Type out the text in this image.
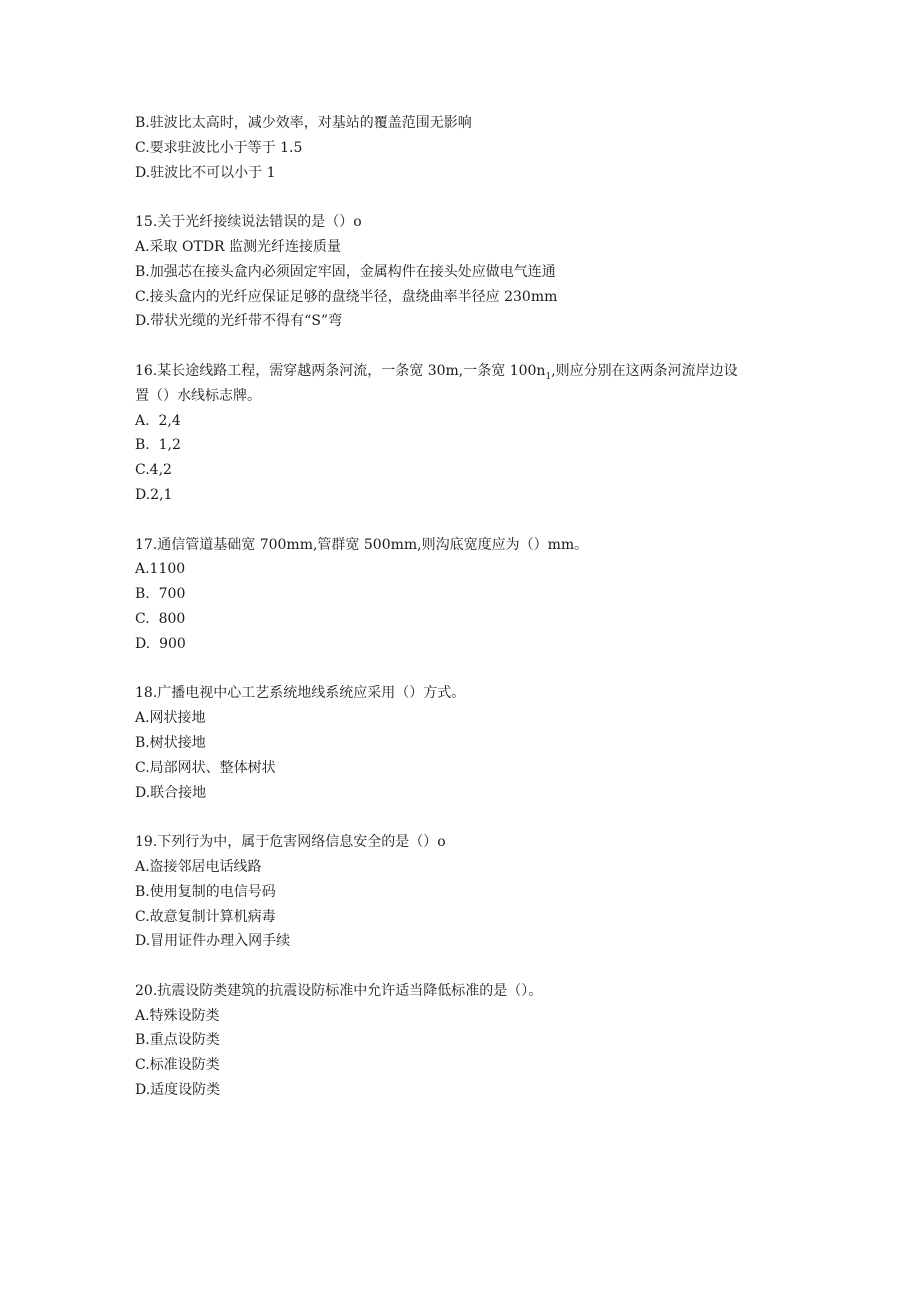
B.驻波比太高时，减少效率，对基站的覆盖范围无影响

C.要求驻波比小于等于 1.5

D.驻波比不可以小于 1

15.关于光纤接续说法错误的是（）o

A.采取 OTDR 监测光纤连接质量

B.加强芯在接头盒内必须固定牢固，金属构件在接头处应做电气连通

C.接头盒内的光纤应保证足够的盘绕半径，盘绕曲率半径应 230mm

D.带状光缆的光纤带不得有“S”弯

16.某长途线路工程，需穿越两条河流，一条宽 30m,一条宽 $100n_1$,则应分别在这两条河流岸边设

置（）水线标志牌。

A.  2,4

B.  1,2

C.4,2

D.2,1

17.通信管道基础宽 700mm,管群宽 500mm,则沟底宽度应为（）mm。

A.1100

B.  700

C.  800

D.  900

18.广播电视中心工艺系统地线系统应采用（）方式。

A.网状接地

B.树状接地

C.局部网状、整体树状

D.联合接地

19.下列行为中，属于危害网络信息安全的是（）o

A.盗接邻居电话线路

B.使用复制的电信号码

C.故意复制计算机病毒

D.冒用证件办理入网手续

20.抗震设防类建筑的抗震设防标准中允许适当降低标准的是（）。

A.特殊设防类

B.重点设防类

C.标准设防类

D.适度设防类
